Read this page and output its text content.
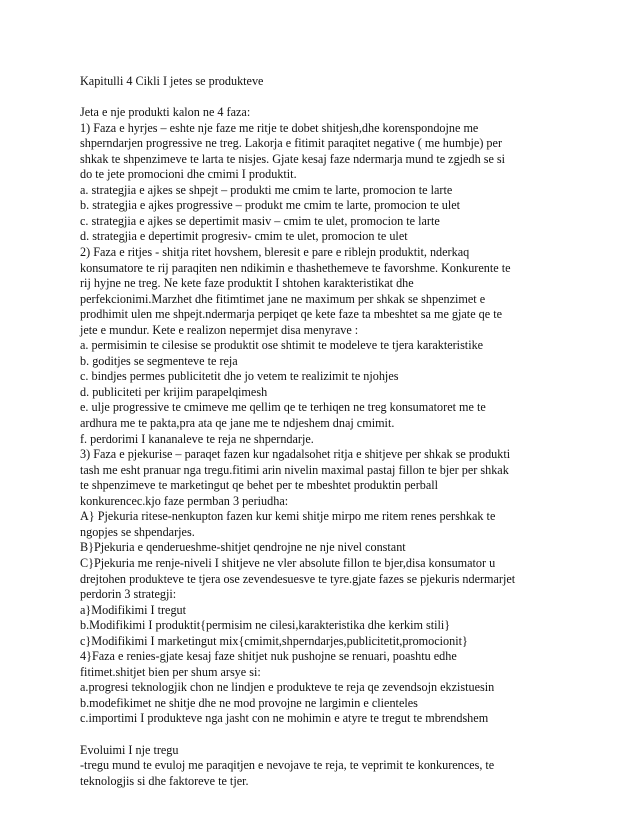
Kapitulli 4 Cikli I jetes se produkteve
Jeta e nje produkti kalon ne 4 faza:
1) Faza e hyrjes – eshte nje faze me ritje te dobet shitjesh,dhe korenspondojne me
shperndarjen progressive ne treg. Lakorja e fitimit paraqitet negative ( me humbje) per
shkak te shpenzimeve te larta te nisjes. Gjate kesaj faze ndermarja mund te zgjedh se si
do te jete promocioni dhe cmimi I produktit.
a. strategjia e ajkes se shpejt – produkti me cmim te larte, promocion te larte
b. strategjia e ajkes progressive – produkt me cmim te larte, promocion te ulet
c. strategjia e ajkes se depertimit masiv – cmim te ulet, promocion te larte
d. strategjia e depertimit progresiv- cmim te ulet, promocion te ulet
2) Faza e ritjes - shitja ritet hovshem, bleresit e pare e riblejn produktit, nderkaq
konsumatore te rij paraqiten nen ndikimin e thashethemeve te favorshme. Konkurente te
rij hyjne ne treg. Ne kete faze produktit I shtohen karakteristikat dhe
perfekcionimi.Marzhet dhe fitimtimet jane ne maximum per shkak se shpenzimet e
prodhimit ulen me shpejt.ndermarja perpiqet qe kete faze ta mbeshtet sa me gjate qe te
jete e mundur. Kete e realizon nepermjet disa menyrave :
a. permisimin te cilesise se produktit ose shtimit te modeleve te tjera karakteristike
b. goditjes se segmenteve te reja
c. bindjes permes publicitetit dhe jo vetem te realizimit te njohjes
d. publiciteti per krijim parapelqimesh
e. ulje progressive te cmimeve me qellim qe te terhiqen ne treg konsumatoret me te
ardhura me te pakta,pra ata qe jane me te ndjeshem dnaj cmimit.
f. perdorimi I kananaleve te reja ne shperndarje.
3) Faza e pjekurise – paraqet fazen kur ngadalsohet ritja e shitjeve per shkak se produkti
tash me esht pranuar nga tregu.fitimi arin nivelin maximal pastaj fillon te bjer per shkak
te shpenzimeve te marketingut qe behet per te mbeshtet produktin perball
konkurencec.kjo faze permban 3 periudha:
A} Pjekuria ritese-nenkupton fazen kur kemi shitje mirpo me ritem renes pershkak te
ngopjes se shpendarjes.
B}Pjekuria e qenderueshme-shitjet qendrojne ne nje nivel constant
C}Pjekuria me renje-niveli I shitjeve ne vler absolute fillon te bjer,disa konsumator u
drejtohen produkteve te tjera ose zevendesuesve te tyre.gjate fazes se pjekuris ndermarjet
perdorin 3 strategji:
a}Modifikimi I tregut
b.Modifikimi I produktit{permisim ne cilesi,karakteristika dhe kerkim stili}
c}Modifikimi I marketingut mix{cmimit,shperndarjes,publicitetit,promocionit}
4}Faza e renies-gjate kesaj faze shitjet nuk pushojne se renuari, poashtu edhe
fitimet.shitjet bien per shum arsye si:
a.progresi teknologjik chon ne lindjen e produkteve te reja qe zevendsojn ekzistuesin
b.modefikimet ne shitje dhe ne mod provojne ne largimin e clienteles
c.importimi I produkteve nga jasht con ne mohimin e atyre te tregut te mbrendshem
Evoluimi I nje tregu
-tregu mund te evuloj me paraqitjen e nevojave te reja, te veprimit te konkurences, te
teknologjis si dhe faktoreve te tjer.
